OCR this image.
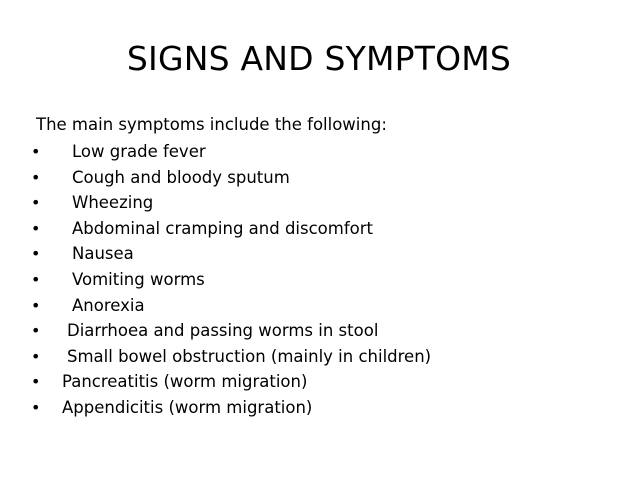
SIGNS AND SYMPTOMS
The main symptoms include the following:
• Low grade fever
• Cough and bloody sputum
• Wheezing
• Abdominal cramping and discomfort
• Nausea
• Vomiting worms
• Anorexia
• Diarrhoea and passing worms in stool
• Small bowel obstruction (mainly in children)
• Pancreatitis (worm migration)
• Appendicitis (worm migration)
